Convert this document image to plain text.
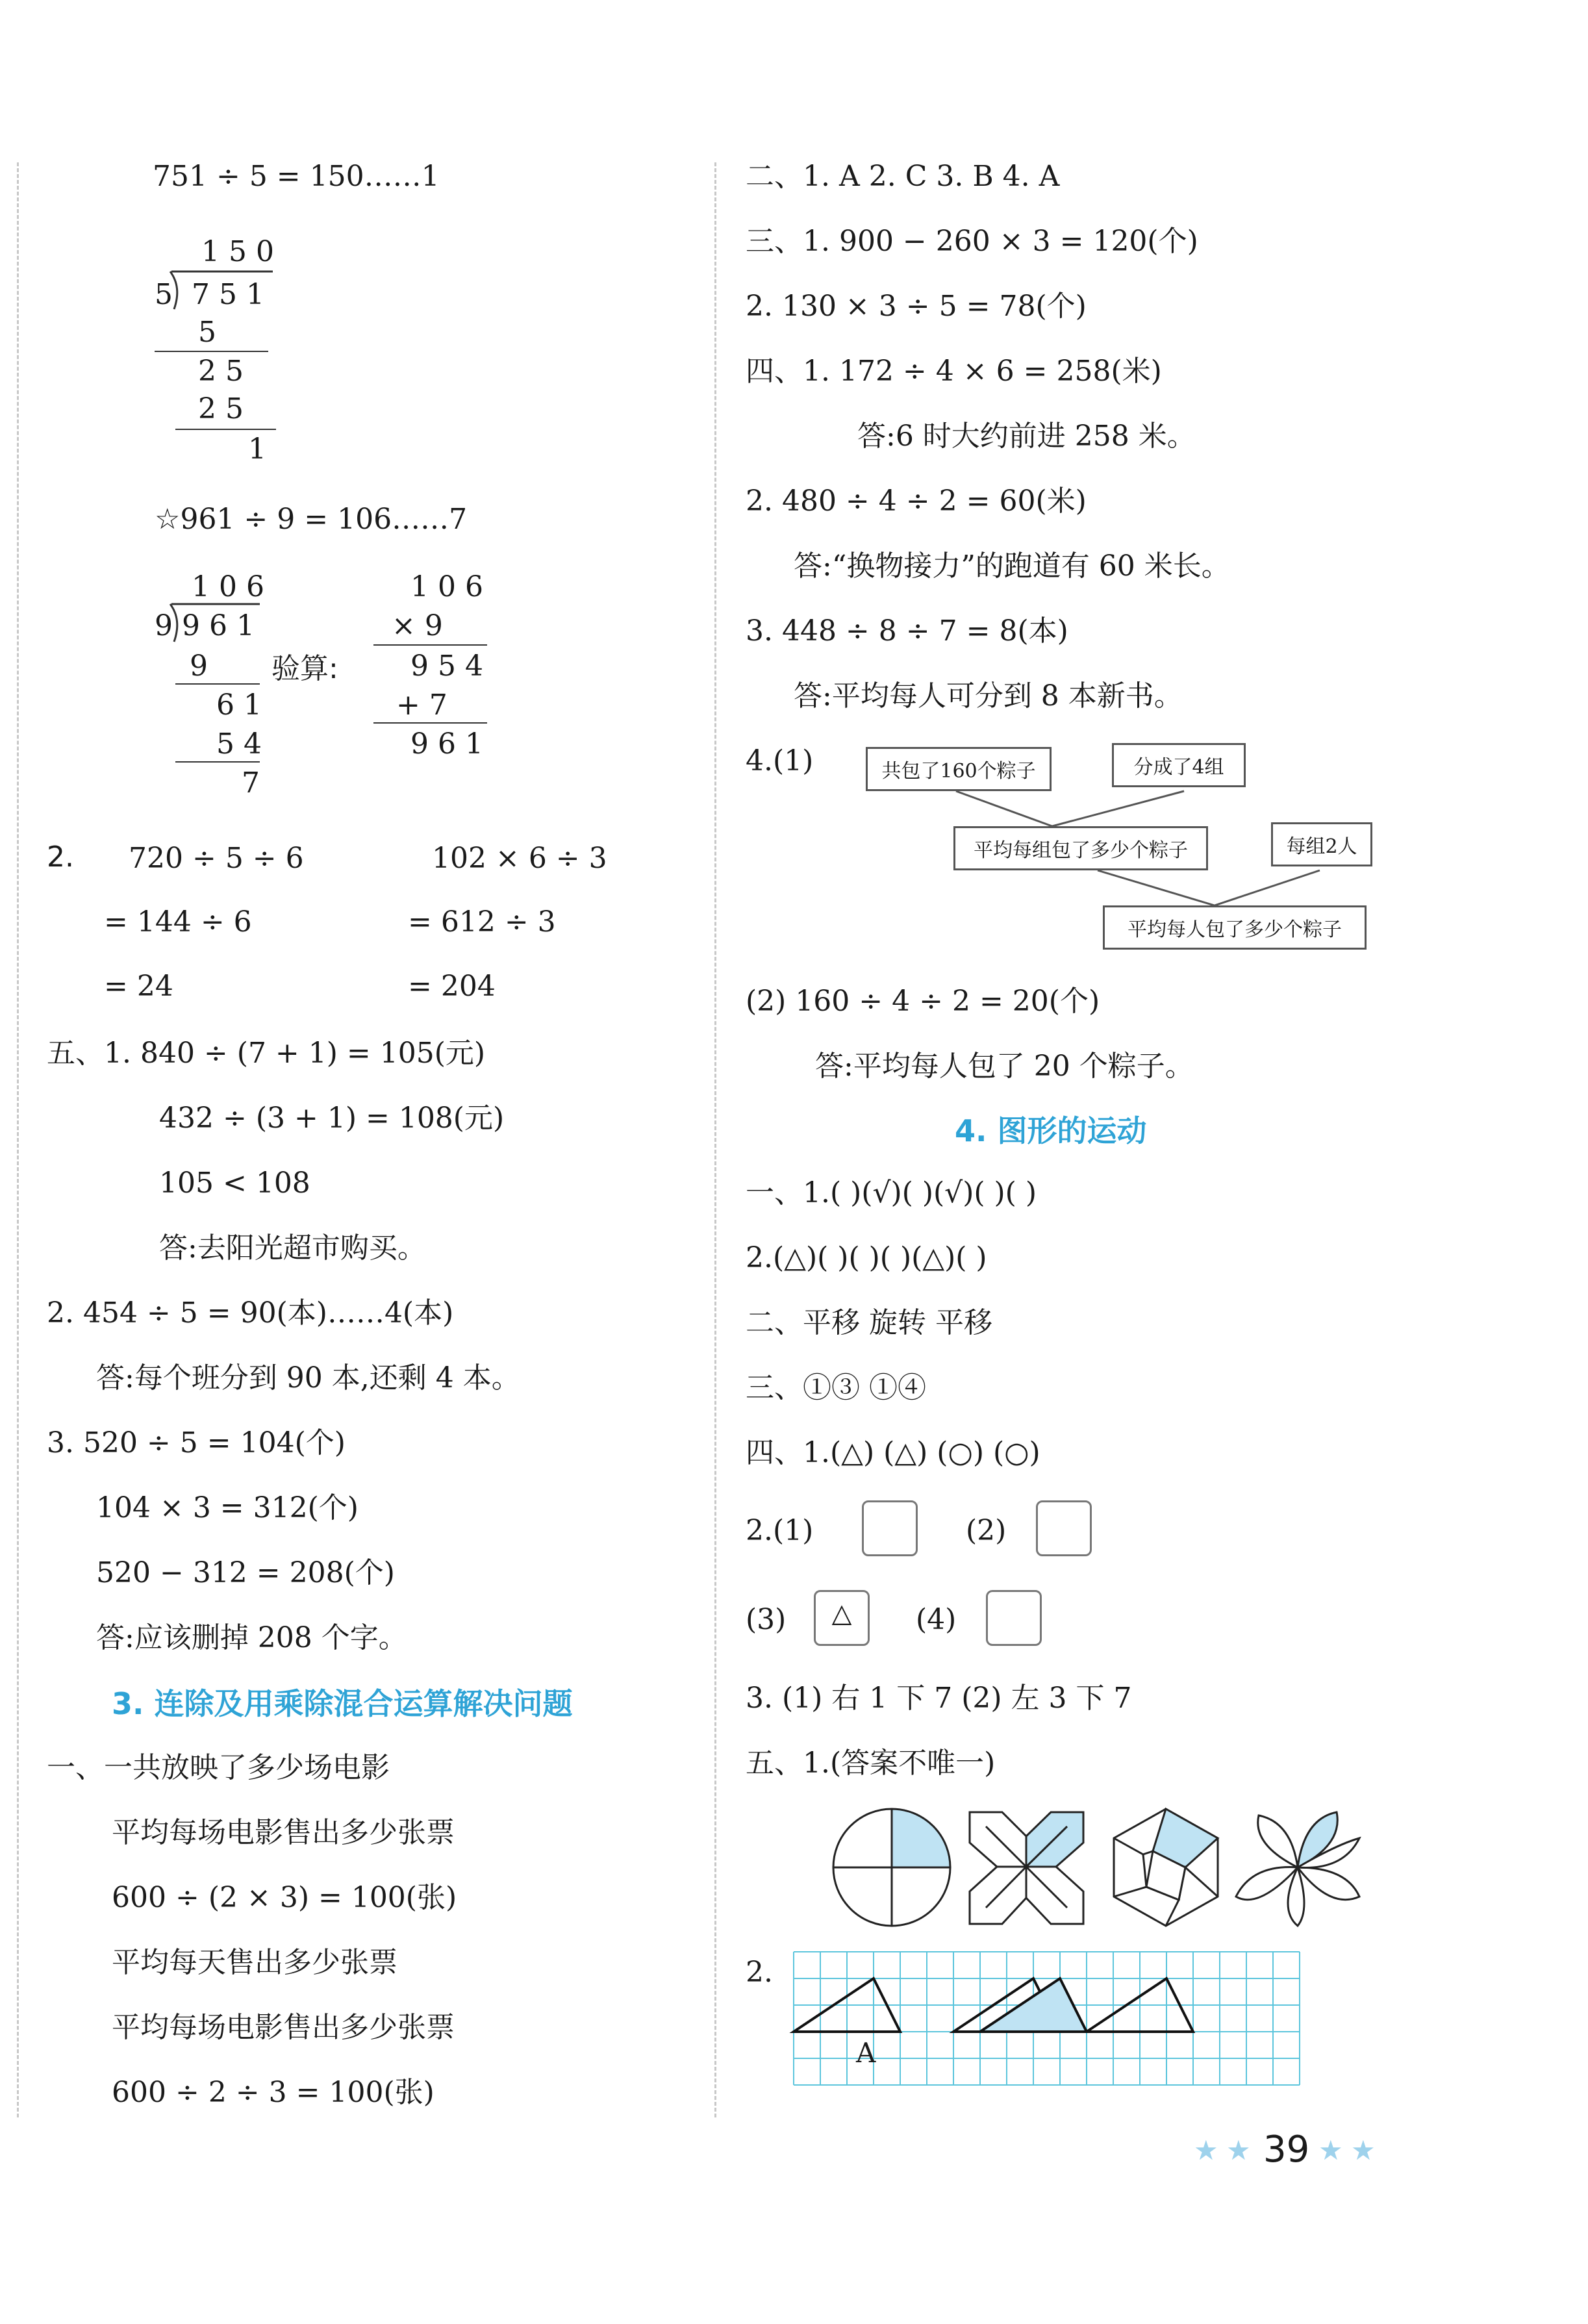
751 ÷ 5 = 150……1
1 5 0
5 7 5 1
5
2 5
2 5
1
☆961 ÷ 9 = 106……7
1 0 6
9 9 6 1
9
6 1
5 4
7
验算:
1 0 6
× 9
9 5 4
+ 7
9 6 1
2. 720 ÷ 5 ÷ 6
= 144 ÷ 6
= 24
102 × 6 ÷ 3
= 612 ÷ 3
= 204
五、1. 840 ÷ (7 + 1) = 105(元)
432 ÷ (3 + 1) = 108(元)
105 < 108
答:去阳光超市购买。
2. 454 ÷ 5 = 90(本)……4(本)
答:每个班分到 90 本,还剩 4 本。
3. 520 ÷ 5 = 104(个)
104 × 3 = 312(个)
520 − 312 = 208(个)
答:应该删掉 208 个字。
3. 连除及用乘除混合运算解决问题
一、一共放映了多少场电影
平均每场电影售出多少张票
600 ÷ (2 × 3) = 100(张)
平均每天售出多少张票
平均每场电影售出多少张票
600 ÷ 2 ÷ 3 = 100(张)
二、1. A 2. C 3. B 4. A
三、1. 900 − 260 × 3 = 120(个)
2. 130 × 3 ÷ 5 = 78(个)
四、1. 172 ÷ 4 × 6 = 258(米)
答:6 时大约前进 258 米。
2. 480 ÷ 4 ÷ 2 = 60(米)
答:“换物接力”的跑道有 60 米长。
3. 448 ÷ 8 ÷ 7 = 8(本)
答:平均每人可分到 8 本新书。
4.(1)	共包了160个粽子	分成了4组
平均每组包了多少个粽子	每组2人
平均每人包了多少个粽子
(2) 160 ÷ 4 ÷ 2 = 20(个)
答:平均每人包了 20 个粽子。
4. 图形的运动
一、1.( )(√)( )(√)( )( )
2.(△)( )( )( )(△)( )
二、平移 旋转 平移
三、①③ ①④
四、1.(△) (△) (○) (○)
2.(1)	(2)
(3) △ (4)
3. (1) 右 1 下 7 (2) 左 3 下 7
五、1.(答案不唯一)
2.
A
★ ★ 39 ★ ★
